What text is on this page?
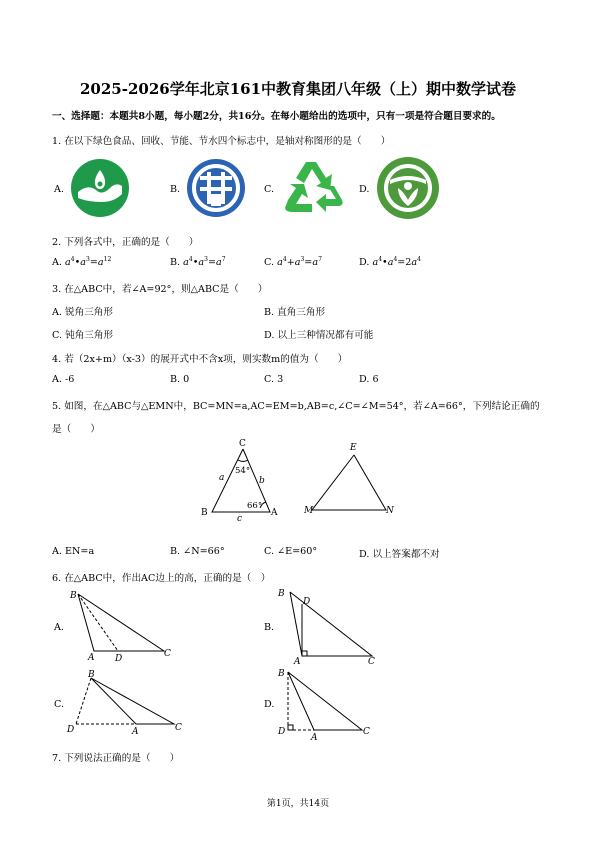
2025-2026学年北京161中教育集团八年级（上）期中数学试卷
一、选择题：本题共8小题，每小题2分，共16分。在每小题给出的选项中，只有一项是符合题目要求的。
1. 在以下绿色食品、回收、节能、节水四个标志中，是轴对称图形的是（　　）
A.	B.	C.	D.
2. 下列各式中，正确的是（　　）
A. $a^4•a^3=a^{12}$	B. $a^4•a^3=a^7$	C. $a^4+a^3=a^7$	D. $a^4•a^4=2a^4$
3. 在△ABC中，若∠A=92°，则△ABC是（　　）
A. 锐角三角形	B. 直角三角形
C. 钝角三角形	D. 以上三种情况都有可能
4. 若（2x+m）（x-3）的展开式中不含x项，则实数m的值为（　　）
A. -6	B. 0	C. 3	D. 6
5. 如图，在△ABC与△EMN中，BC=MN=a,AC=EM=b,AB=c,∠C=∠M=54°，若∠A=66°，下列结论正确的
是（　　）
C
A
B
a	b
c
54°
66°
E
M	N
A. EN=a	B. ∠N=66°	C. ∠E=60°	D. 以上答案都不对
6. 在△ABC中，作出AC边上的高，正确的是（　）
A.
B
A D	C
B.
B
D
A	C
C.
B
D	A	C
D.
B
D
A
C
7. 下列说法正确的是（　　）
第1页，共14页
